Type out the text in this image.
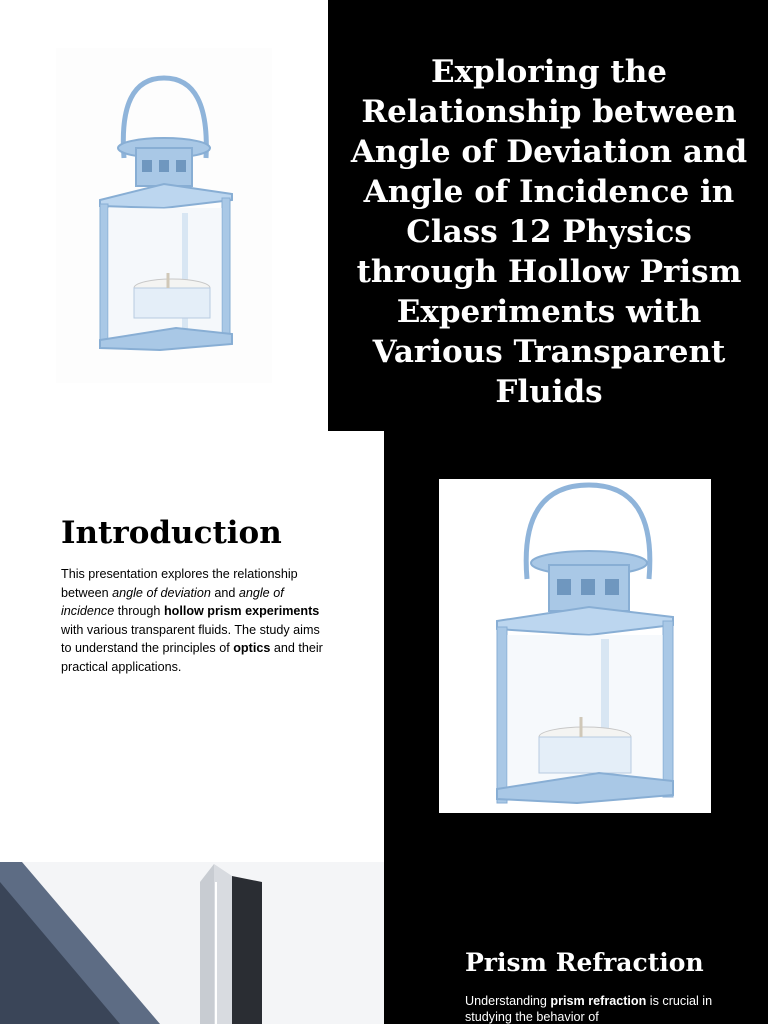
Exploring the Relationship between Angle of Deviation and Angle of Incidence in Class 12 Physics through Hollow Prism Experiments with Various Transparent Fluids
Introduction

This presentation explores the relationship between angle of deviation and angle of incidence through hollow prism experiments with various transparent fluids. The study aims to understand the principles of optics and their practical applications.

Prism Refraction

Understanding prism refraction is crucial in studying the behavior of
